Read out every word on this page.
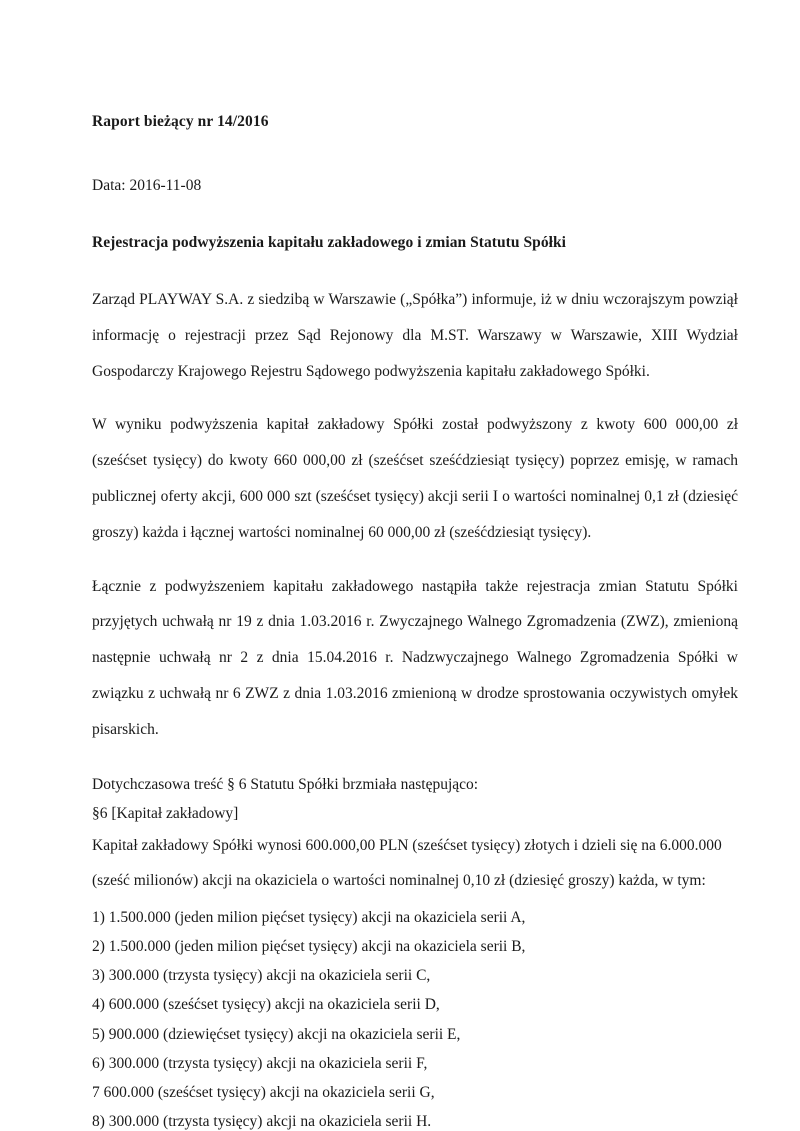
Raport bieżący nr 14/2016

Data: 2016-11-08

Rejestracja podwyższenia kapitału zakładowego i zmian Statutu Spółki

Zarząd PLAYWAY S.A. z siedzibą w Warszawie („Spółka”) informuje, iż w dniu wczorajszym powziął informację o rejestracji przez Sąd Rejonowy dla M.ST. Warszawy w Warszawie, XIII Wydział Gospodarczy Krajowego Rejestru Sądowego podwyższenia kapitału zakładowego Spółki.

W wyniku podwyższenia kapitał zakładowy Spółki został podwyższony z kwoty 600 000,00 zł (sześćset tysięcy) do kwoty 660 000,00 zł (sześćset sześćdziesiąt tysięcy) poprzez emisję, w ramach publicznej oferty akcji, 600 000 szt (sześćset tysięcy) akcji serii I o wartości nominalnej 0,1 zł (dziesięć groszy) każda i łącznej wartości nominalnej 60 000,00 zł (sześćdziesiąt tysięcy).

Łącznie z podwyższeniem kapitału zakładowego nastąpiła także rejestracja zmian Statutu Spółki przyjętych uchwałą nr 19 z dnia 1.03.2016 r. Zwyczajnego Walnego Zgromadzenia (ZWZ), zmienioną następnie uchwałą nr 2 z dnia 15.04.2016 r. Nadzwyczajnego Walnego Zgromadzenia Spółki w związku z uchwałą nr 6 ZWZ z dnia 1.03.2016 zmienioną w drodze sprostowania oczywistych omyłek pisarskich.

Dotychczasowa treść § 6 Statutu Spółki brzmiała następująco:

§6 [Kapitał zakładowy]

Kapitał zakładowy Spółki wynosi 600.000,00 PLN (sześćset tysięcy) złotych i dzieli się na 6.000.000 (sześć milionów) akcji na okaziciela o wartości nominalnej 0,10 zł (dziesięć groszy) każda, w tym:

1) 1.500.000 (jeden milion pięćset tysięcy) akcji na okaziciela serii A,
2) 1.500.000 (jeden milion pięćset tysięcy) akcji na okaziciela serii B,
3) 300.000 (trzysta tysięcy) akcji na okaziciela serii C,
4) 600.000 (sześćset tysięcy) akcji na okaziciela serii D,
5) 900.000 (dziewięćset tysięcy) akcji na okaziciela serii E,
6) 300.000 (trzysta tysięcy) akcji na okaziciela serii F,
7 600.000 (sześćset tysięcy) akcji na okaziciela serii G,
8) 300.000 (trzysta tysięcy) akcji na okaziciela serii H.
